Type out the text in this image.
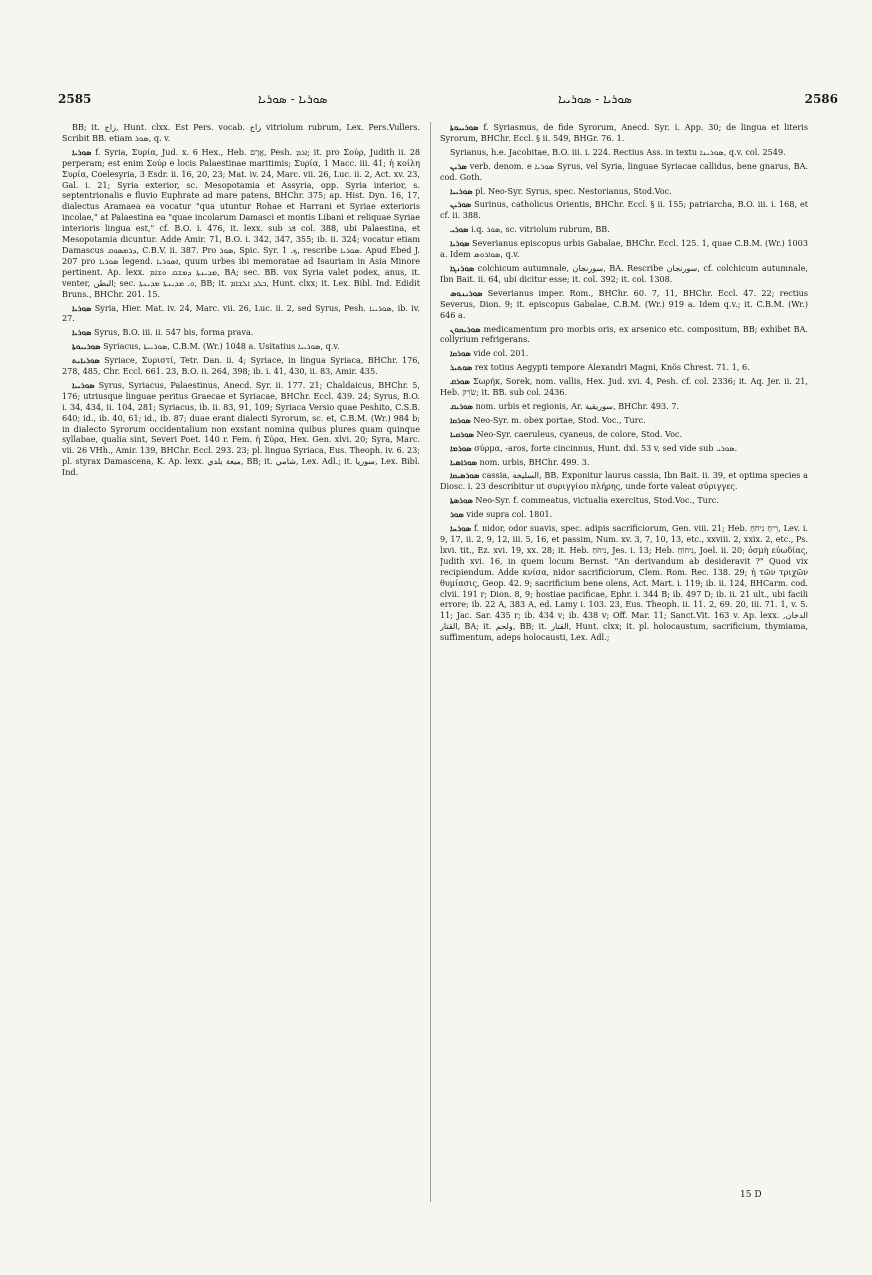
2585	ܣܘܪܝܐ - ܣܘܪܝܐ	ܣܘܪܝܐ - ܣܘܪܝܝܐ	2586

BB; it. زاج, Hunt. clxx. Est Pers. vocab. زاج vitriolum rubrum, Lex. Pers.Vullers. Scribit BB. etiam ܣܘܪ, q. v.

ܣܘܪܝܐ f. Syria, Συρία, Jud. x. 6 Hex., Heb. אֲרָם, Pesh. ܐܪܡ; it. pro Σούρ, Judith ii. 28 perperam; est enim Σούρ e locis Palaestinae maritimis; Συρία, 1 Macc. iii. 41; ἡ κοίλη Συρία, Coelesyria, 3 Esdr. ii. 16, 20, 23; Mat. iv. 24, Marc. vii. 26, Luc. ii. 2, Act. xv. 23, Gal. i. 21; Syria exterior, sc. Mesopotamia et Assyria, opp. Syria interior, s. septentrionalis e fluvio Euphrate ad mare patens, BHChr. 375; ap. Hist. Dyn. 16, 17, dialectus Aramaea ea vocatur "qua utuntur Rohae et Harrani et Syriae exterioris incolae," at Palaestina ea "quae incolarum Damasci et montis Libani et reliquae Syriae interioris lingua est," cf. B.O. i. 476, it. lexx. sub ܦܪ col. 388, ubi Palaestina, et Mesopotamia dicuntur. Adde Amir. 71, B.O. i. 342, 347, 355; ib. ii. 324; vocatur etiam Damascus ܕܪܡܣܘܩ, C.B.V. ii. 387. Pro ܣܘܪ, Spic. Syr. ܟ. 1, rescribe ܣܘܪܝܐ. Apud Ebed J. 207 pro ܣܘܪܝܐ legend. ܐܣܘܪܝܐ, quum urbes ibi memoratae ad Isauriam in Asia Minore pertinent. Ap. lexx. ܡܕܝܢܬܐ ܕܡܫܩ ܘܫܐܡ, BA; sec. BB. vox Syria valet podex, anus, it. venter, البطن; sec. ܘ. ܡܕܝܢܬܐ ܡܕܝܢܬܐ, BB; it. ܒܠܕ ܐܠܫܐܡ, Hunt. clxx; it. Lex. Bibl. Ind. Edidit Bruns., BHChr. 201. 15.

ܣܘܪܝܐ Syria, Hier. Mat. iv. 24, Marc. vii. 26, Luc. ii. 2, sed Syrus, Pesh. ܣܘܪܝܝܐ, ib. iv. 27.

ܣܘܪܝܐ Syrus, B.O. iii. ii. 547 bis, forma prava.

ܣܘܪܝܝܘܬܐ Syriacus, ܣܘܪܝܝܬܐ, C.B.M. (Wr.) 1048 a. Usitatius ܣܘܪܝܝܐ, q.v.

ܣܘܪܝܐܝܬ Syriace, Συριστί, Tetr. Dan. ii. 4; Syriace, in lingua Syriaca, BHChr. 176, 278, 485, Chr. Eccl. 661. 23, B.O. ii. 264, 398; ib. i. 41, 430, ii. 83, Amir. 435.

ܣܘܪܝܝܐ Syrus, Syriacus, Palaestinus, Anecd. Syr. ii. 177. 21; Chaldaicus, BHChr. 5, 176; utriusque linguae peritus Graecae et Syriacae, BHChr. Eccl. 439. 24; Syrus, B.O. i. 34, 434, ii. 104, 281; Syriacus, ib. ii. 83, 91, 109; Syriaca Versio quae Peshito, C.S.B. 640; id., ib. 40, 61; id., ib. 87; duae erant dialecti Syrorum, sc. et, C.B.M. (Wr.) 984 b; in dialecto Syrorum occidentalium non exstant nomina quibus plures quam quinque syllabae, qualia sint, Severi Poet. 140 r. Fem. ἡ Σύρα, Hex. Gen. xlvi. 20; Syra, Marc. vii. 26 VHh., Amir. 139, BHChr. Eccl. 293. 23; pl. lingua Syriaca, Eus. Theoph. iv. 6. 23; pl. styrax Damascena, K. Ap. lexx. ميعة بلدي, BB; it. شامي, Lex. Adl.; it. سوريا, Lex. Bibl. Ind.

ܣܘܪܝܝܘܬܐ f. Syriasmus, de fide Syrorum, Anecd. Syr. i. App. 30; de lingua et literis Syrorum, BHChr. Eccl. § ii. 549, BHGr. 76. 1.

Syrianus, h.e. Jacobitae, B.O. iii. i. 224. Rectius Ass. in textu ܣܘܪܝܢܐ, q.v. col. 2549.

ܣܪܝܢ verb. denom. e ܣܘܪܝܐ Syrus, vel Syria, linguae Syriacae callidus, bene gnarus, BA. cod. Goth.

ܣܘܪܝܝܐ pl. Neo-Syr. Syrus, spec. Nestorianus, Stod.Voc.

ܣܘܪܝܢ Surinus, catholicus Orientis, BHChr. Eccl. § ii. 155; patriarcha, B.O. iii. i. 168, et cf. ii. 388.

ܣܘܪܝ i.q. ܣܘܪ, sc. vitriolum rubrum, BB.

ܣܘܪܝܐ Severianus episcopus urbis Gabalae, BHChr. Eccl. 125. 1, quae C.B.M. (Wr.) 1003 a. Idem ܣܘܐܪܘܣ, q.v.

ܣܘܪܢܓܐ colchicum autumnale, سورنجان, BA. Rescribe سورنجان, cf. colchicum autumnale, Ibn Bait. ii. 64, ubi dicitur esse; it. col. 392; it. col. 1308.

ܣܘܪܝܢܘܣ Severianus imper. Rom., BHChr. 60. 7, 11, BHChr. Eccl. 47. 22; rectius Severus, Dion. 9; it. episcopus Gabalae, C.B.M. (Wr.) 919 a. Idem q.v.; it. C.B.M. (Wr.) 646 a.

ܣܘܪܝܩܘܢ medicamentum pro morbis oris, ex arsenico etc. compositum, BB; exhibet BA. collyrium refrigerans.

ܣܘܪܩܐ vide col. 201.

ܣܘܬܝܪ rex totius Aegypti tempore Alexandri Magni, Knös Chrest. 71. 1, 6.

ܣܘܪܩ Σωρήκ, Sorek, nom. vallis, Hex. Jud. xvi. 4, Pesh. cf. col. 2336; it. Aq. Jer. ii. 21, Heb. שֹׂרֵק; it. BB. sub col. 2436.

ܣܘܪܝܩ nom. urbis et regionis, Ar. سوريقية, BHChr. 493. 7.

ܣܘܪܩܐ Neo-Syr. m. obex portae, Stod. Voc., Turc.

ܣܘܪܩܝܐ Neo-Syr. caeruleus, cyaneus, de colore, Stod. Voc.

ܣܘܪܡܐ σύρμα, -aros, forte cincinnus, Hunt. dxl. 53 v, sed vide sub ܣܘܪܝ.

ܣܘܪܐܣܝܐ nom. urbis, BHChr. 499. 3.

ܣܘܪܣܝܩܐ cassia, السليخة, BB. Exponitur laurus cassia, Ibn Bait. ii. 39, et optima species a Diosc. i. 23 describitur ut συριγγίου πλήρης, unde forte valeat σύριγγες.

ܣܘܪܣܬܐ Neo-Syr. f. commeatus, victualia exercitus, Stod.Voc., Turc.

ܣܘܪ vide supra col. 1801.

ܣܘܪܚܐ f. nidor, odor suavis, spec. adipis sacrificiorum, Gen. viii. 21; Heb. רֵיחַ נִיחֹחַ, Lev. i. 9, 17, ii. 2, 9, 12, iii. 5, 16, et passim, Num. xv. 3, 7, 10, 13, etc., xxviii. 2, xxix. 2, etc., Ps. lxvi. tit., Ez. xvi. 19, xx. 28; it. Heb. נִיחֹחַ, Jes. i. 13; Heb. נִיחוֹחַ, Joel. ii. 20; ὀσμὴ εὐωδίας, Judith xvi. 16, in quem locum Bernst. "An derivandum ab desideravit ?" Quod vix recipiendum. Adde κνίσα, nidor sacrificiorum, Clem. Rom. Rec. 138. 29; ἡ τῶν τριχῶν θυμίασις, Geop. 42. 9; sacrificium bene olens, Act. Mart. i. 119; ib. ii. 124, BHCarm. cod. clvii. 191 r; Dion. 8, 9; hostiae pacificae, Ephr. i. 344 B; ib. 497 D; ib. ii. 21 ult., ubi facili errore; ib. 22 A, 383 A, ed. Lamy i. 103. 23, Eus. Theoph. ii. 11. 2, 69. 20, iii. 71. 1, v. 5. 11; Jac. Sar. 435 r; ib. 434 v; ib. 438 v; Off. Mar. 11; Sanct.Vit. 163 v. Ap. lexx. الدخان, القتار, BA; it. ولحم, BB; it. القتار, Hunt. clxx; it. pl. holocaustum, sacrificium, thymiama, suffimentum, adeps holocausti, Lex. Adl.;

15 D
